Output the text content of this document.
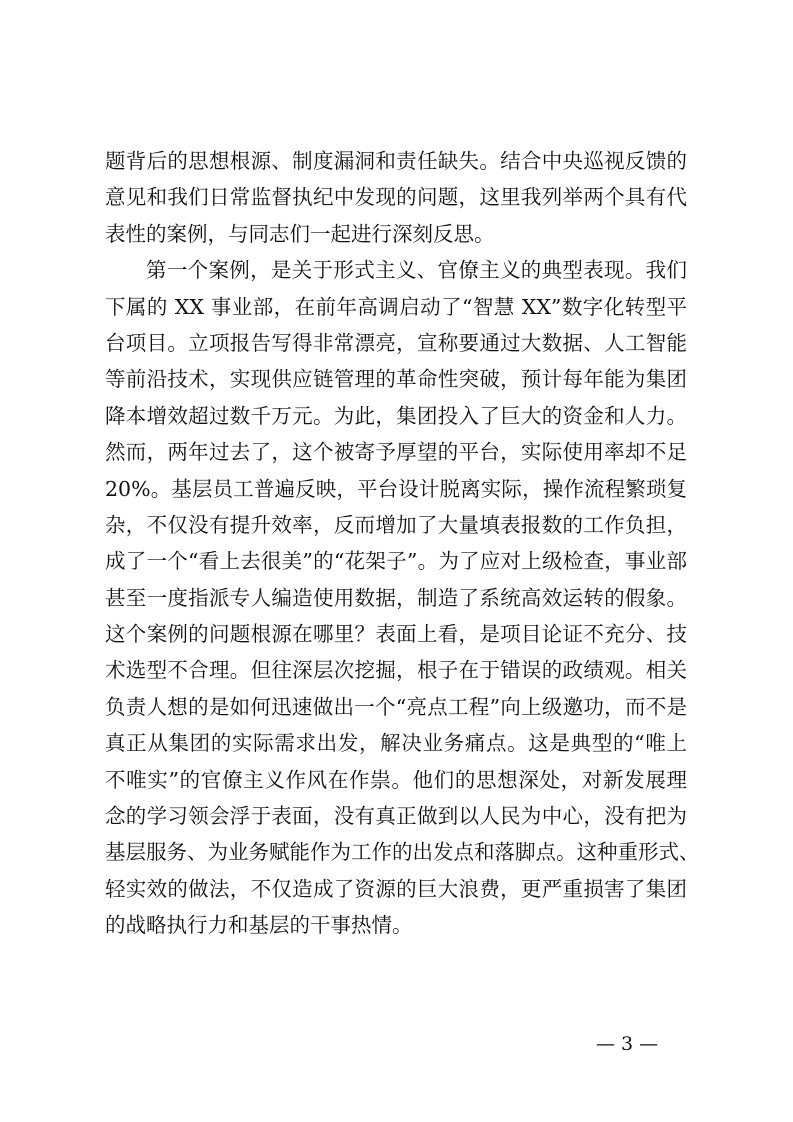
题背后的思想根源、制度漏洞和责任缺失。结合中央巡视反馈的
意见和我们日常监督执纪中发现的问题，这里我列举两个具有代
表性的案例，与同志们一起进行深刻反思。
第一个案例，是关于形式主义、官僚主义的典型表现。我们
下属的 XX 事业部，在前年高调启动了“智慧 XX”数字化转型平
台项目。立项报告写得非常漂亮，宣称要通过大数据、人工智能
等前沿技术，实现供应链管理的革命性突破，预计每年能为集团
降本增效超过数千万元。为此，集团投入了巨大的资金和人力。
然而，两年过去了，这个被寄予厚望的平台，实际使用率却不足
20%。基层员工普遍反映，平台设计脱离实际，操作流程繁琐复
杂，不仅没有提升效率，反而增加了大量填表报数的工作负担，
成了一个“看上去很美”的“花架子”。为了应对上级检查，事业部
甚至一度指派专人编造使用数据，制造了系统高效运转的假象。
这个案例的问题根源在哪里？表面上看，是项目论证不充分、技
术选型不合理。但往深层次挖掘，根子在于错误的政绩观。相关
负责人想的是如何迅速做出一个“亮点工程”向上级邀功，而不是
真正从集团的实际需求出发，解决业务痛点。这是典型的“唯上
不唯实”的官僚主义作风在作祟。他们的思想深处，对新发展理
念的学习领会浮于表面，没有真正做到以人民为中心，没有把为
基层服务、为业务赋能作为工作的出发点和落脚点。这种重形式、
轻实效的做法，不仅造成了资源的巨大浪费，更严重损害了集团
的战略执行力和基层的干事热情。
— 3 —
